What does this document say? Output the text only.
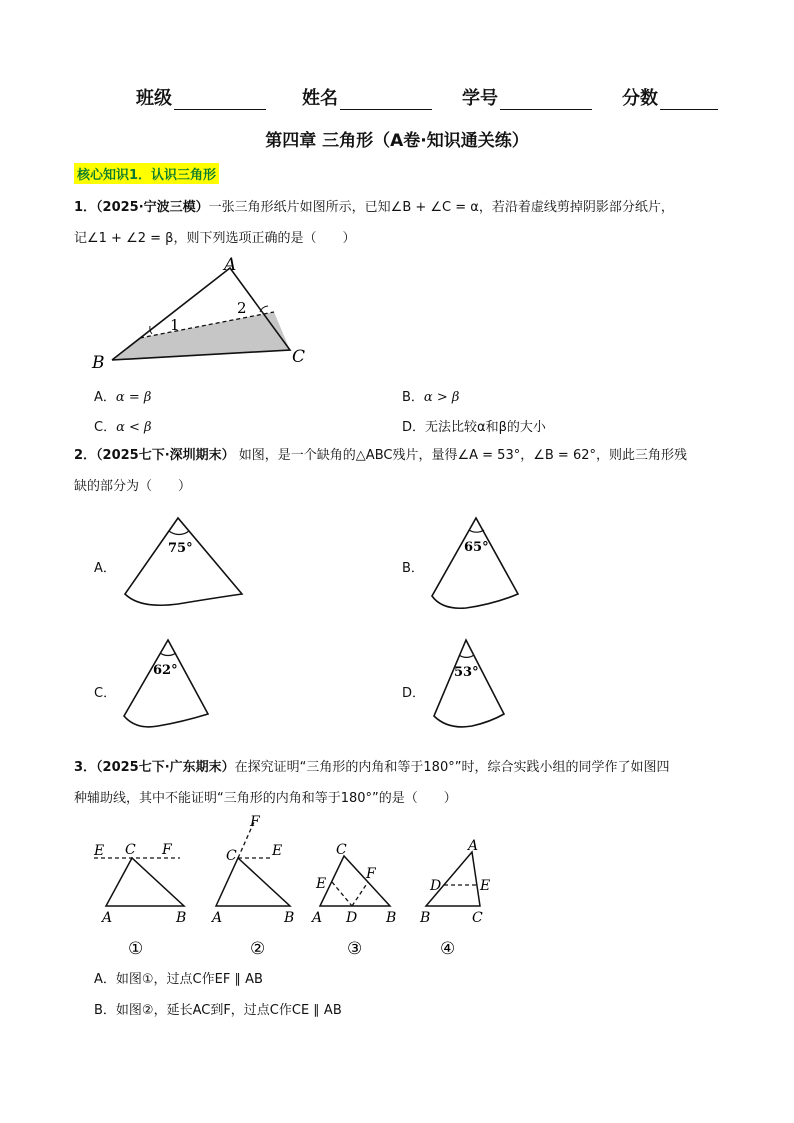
班级	姓名	学号	分数
第四章 三角形（A卷·知识通关练）
核心知识1．认识三角形
1．（2025·宁波三模）一张三角形纸片如图所示，已知∠B + ∠C = α，若沿着虚线剪掉阴影部分纸片，
记∠1 + ∠2 = β，则下列选项正确的是（　　）
A
B	C
1
2
A．α = β	B．α > β
C．α < β	D．无法比较α和β的大小
2．（2025七下·深圳期末） 如图，是一个缺角的△ABC残片，量得∠A = 53°，∠B = 62°，则此三角形残
缺的部分为（　　）
A．
75°
B．
65°
C．
62°
D．
53°
3．（2025七下·广东期末）在探究证明“三角形的内角和等于180°”时，综合实践小组的同学作了如图四
种辅助线，其中不能证明“三角形的内角和等于180°”的是（　　）
E C F
A	B
①
F
C	E
A	B
②
C
E
F
A D B
③
A
D	E
B	C
④
A．如图①，过点C作EF ∥ AB
B．如图②，延长AC到F，过点C作CE ∥ AB
